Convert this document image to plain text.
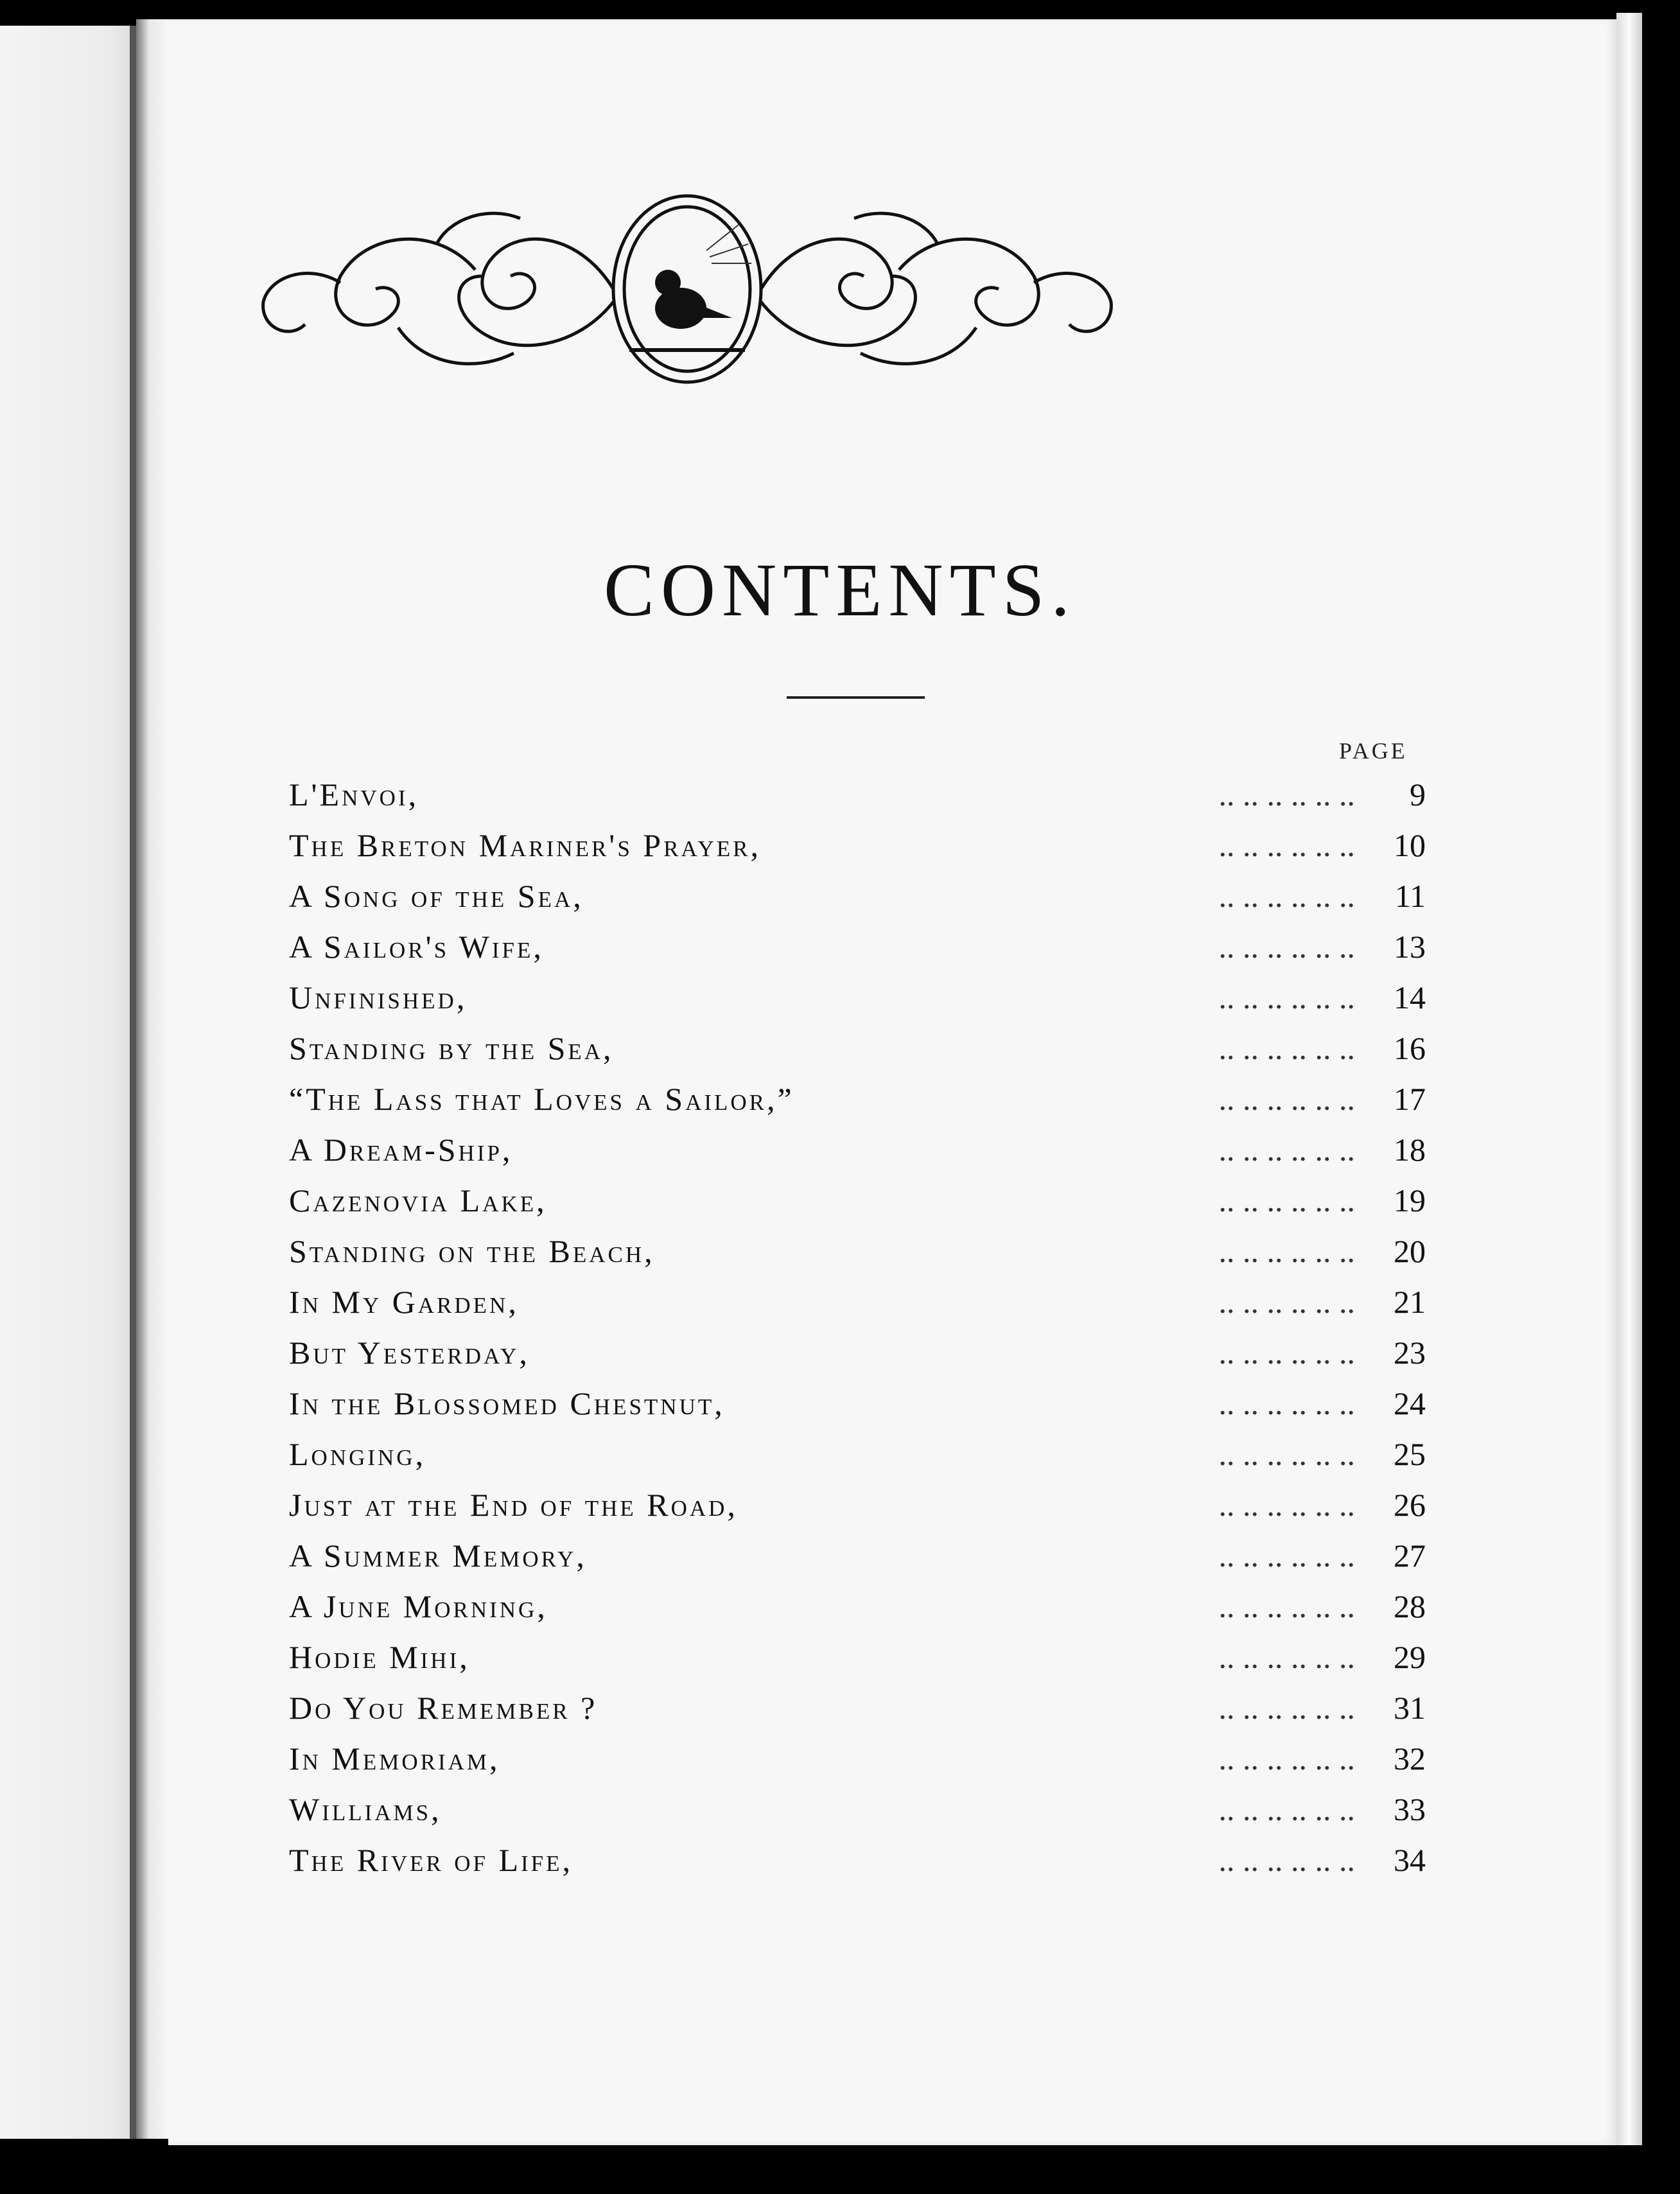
CONTENTS.
PAGE
.. .. .. .. .. ..
L'Envoi,	9
.. .. .. .. .. ..
The Breton Mariner's Prayer,	10
.. .. .. .. .. ..
A Song of the Sea,	11
.. .. .. .. .. ..
A Sailor's Wife,	13
.. .. .. .. .. ..
Unfinished,	14
.. .. .. .. .. ..
Standing by the Sea,	16
.. .. .. .. .. ..
“The Lass that Loves a Sailor,”	17
.. .. .. .. .. ..
A Dream-Ship,	18
.. .. .. .. .. ..
Cazenovia Lake,	19
.. .. .. .. .. ..
Standing on the Beach,	20
.. .. .. .. .. ..
In My Garden,	21
.. .. .. .. .. ..
But Yesterday,	23
.. .. .. .. .. ..
In the Blossomed Chestnut,	24
.. .. .. .. .. ..
Longing,	25
.. .. .. .. .. ..
Just at the End of the Road,	26
.. .. .. .. .. ..
A Summer Memory,	27
.. .. .. .. .. ..
A June Morning,	28
.. .. .. .. .. ..
Hodie Mihi,	29
.. .. .. .. .. ..
Do You Remember ?	31
.. .. .. .. .. ..
In Memoriam,	32
.. .. .. .. .. ..
Williams,	33
.. .. .. .. .. ..
The River of Life,	34
